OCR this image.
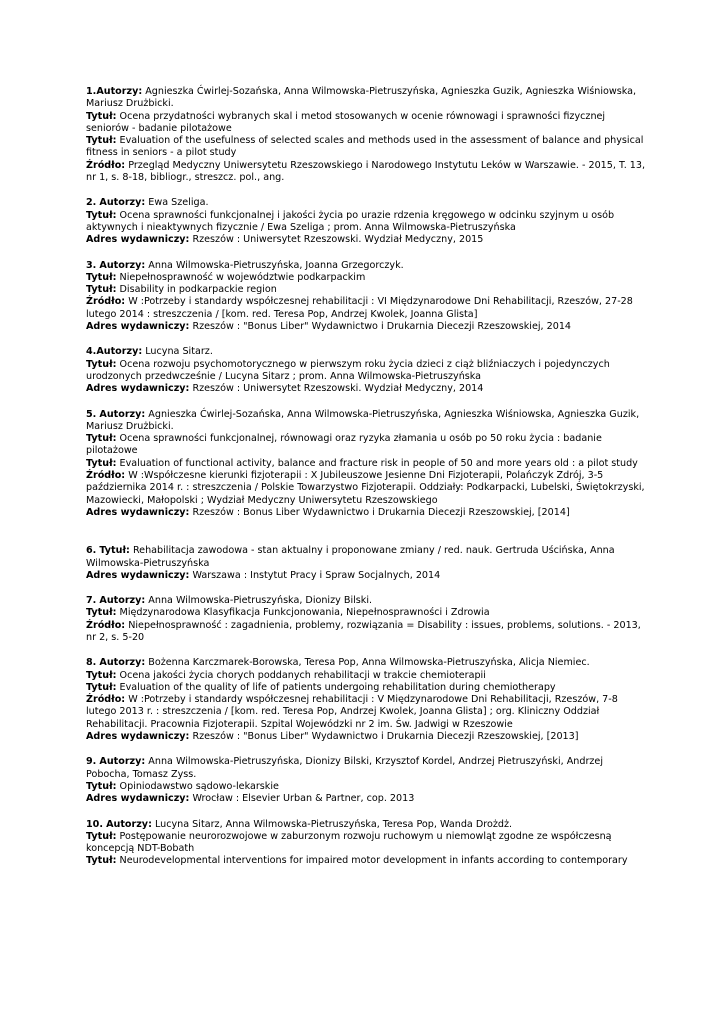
1.Autorzy: Agnieszka Ćwirlej-Sozańska, Anna Wilmowska-Pietruszyńska, Agnieszka Guzik, Agnieszka Wiśniowska, Mariusz Drużbicki.
Tytuł: Ocena przydatności wybranych skal i metod stosowanych w ocenie równowagi i sprawności fizycznej seniorów - badanie pilotażowe
Tytuł: Evaluation of the usefulness of selected scales and methods used in the assessment of balance and physical fitness in seniors - a pilot study
Źródło: Przegląd Medyczny Uniwersytetu Rzeszowskiego i Narodowego Instytutu Leków w Warszawie. - 2015, T. 13, nr 1, s. 8-18, bibliogr., streszcz. pol., ang.
2. Autorzy: Ewa Szeliga.
Tytuł: Ocena sprawności funkcjonalnej i jakości życia po urazie rdzenia kręgowego w odcinku szyjnym u osób aktywnych i nieaktywnych fizycznie / Ewa Szeliga ; prom. Anna Wilmowska-Pietruszyńska
Adres wydawniczy: Rzeszów : Uniwersytet Rzeszowski. Wydział Medyczny, 2015
3. Autorzy: Anna Wilmowska-Pietruszyńska, Joanna Grzegorczyk.
Tytuł: Niepełnosprawność w województwie podkarpackim
Tytuł: Disability in podkarpackie region
Źródło: W :Potrzeby i standardy współczesnej rehabilitacji : VI Międzynarodowe Dni Rehabilitacji, Rzeszów, 27-28 lutego 2014 : streszczenia / [kom. red. Teresa Pop, Andrzej Kwolek, Joanna Glista]
Adres wydawniczy: Rzeszów : "Bonus Liber" Wydawnictwo i Drukarnia Diecezji Rzeszowskiej, 2014
4.Autorzy: Lucyna Sitarz.
Tytuł: Ocena rozwoju psychomotorycznego w pierwszym roku życia dzieci z ciąż bliźniaczych i pojedynczych urodzonych przedwcześnie / Lucyna Sitarz ; prom. Anna Wilmowska-Pietruszyńska
Adres wydawniczy: Rzeszów : Uniwersytet Rzeszowski. Wydział Medyczny, 2014
5. Autorzy: Agnieszka Ćwirlej-Sozańska, Anna Wilmowska-Pietruszyńska, Agnieszka Wiśniowska, Agnieszka Guzik, Mariusz Drużbicki.
Tytuł: Ocena sprawności funkcjonalnej, równowagi oraz ryzyka złamania u osób po 50 roku życia : badanie pilotażowe
Tytuł: Evaluation of functional activity, balance and fracture risk in people of 50 and more years old : a pilot study
Źródło: W :Współczesne kierunki fizjoterapii : X Jubileuszowe Jesienne Dni Fizjoterapii, Polańczyk Zdrój, 3-5 października 2014 r. : streszczenia / Polskie Towarzystwo Fizjoterapii. Oddziały: Podkarpacki, Lubelski, Świętokrzyski, Mazowiecki, Małopolski ; Wydział Medyczny Uniwersytetu Rzeszowskiego
Adres wydawniczy: Rzeszów : Bonus Liber Wydawnictwo i Drukarnia Diecezji Rzeszowskiej, [2014]
6. Tytuł: Rehabilitacja zawodowa - stan aktualny i proponowane zmiany / red. nauk. Gertruda Uścińska, Anna Wilmowska-Pietruszyńska
Adres wydawniczy: Warszawa : Instytut Pracy i Spraw Socjalnych, 2014
7. Autorzy: Anna Wilmowska-Pietruszyńska, Dionizy Bilski.
Tytuł: Międzynarodowa Klasyfikacja Funkcjonowania, Niepełnosprawności i Zdrowia
Źródło: Niepełnosprawność : zagadnienia, problemy, rozwiązania = Disability : issues, problems, solutions. - 2013, nr 2, s. 5-20
8. Autorzy: Bożenna Karczmarek-Borowska, Teresa Pop, Anna Wilmowska-Pietruszyńska, Alicja Niemiec.
Tytuł: Ocena jakości życia chorych poddanych rehabilitacji w trakcie chemioterapii
Tytuł: Evaluation of the quality of life of patients undergoing rehabilitation during chemiotherapy
Źródło: W :Potrzeby i standardy współczesnej rehabilitacji : V Międzynarodowe Dni Rehabilitacji, Rzeszów, 7-8 lutego 2013 r. : streszczenia / [kom. red. Teresa Pop, Andrzej Kwolek, Joanna Glista] ; org. Kliniczny Oddział Rehabilitacji. Pracownia Fizjoterapii. Szpital Wojewódzki nr 2 im. Św. Jadwigi w Rzeszowie
Adres wydawniczy: Rzeszów : "Bonus Liber" Wydawnictwo i Drukarnia Diecezji Rzeszowskiej, [2013]
9. Autorzy: Anna Wilmowska-Pietruszyńska, Dionizy Bilski, Krzysztof Kordel, Andrzej Pietruszyński, Andrzej Pobocha, Tomasz Zyss.
Tytuł: Opiniodawstwo sądowo-lekarskie
Adres wydawniczy: Wrocław : Elsevier Urban & Partner, cop. 2013
10. Autorzy: Lucyna Sitarz, Anna Wilmowska-Pietruszyńska, Teresa Pop, Wanda Drożdż.
Tytuł: Postępowanie neurorozwojowe w zaburzonym rozwoju ruchowym u niemowląt zgodne ze współczesną koncepcją NDT-Bobath
Tytuł: Neurodevelopmental interventions for impaired motor development in infants according to contemporary
